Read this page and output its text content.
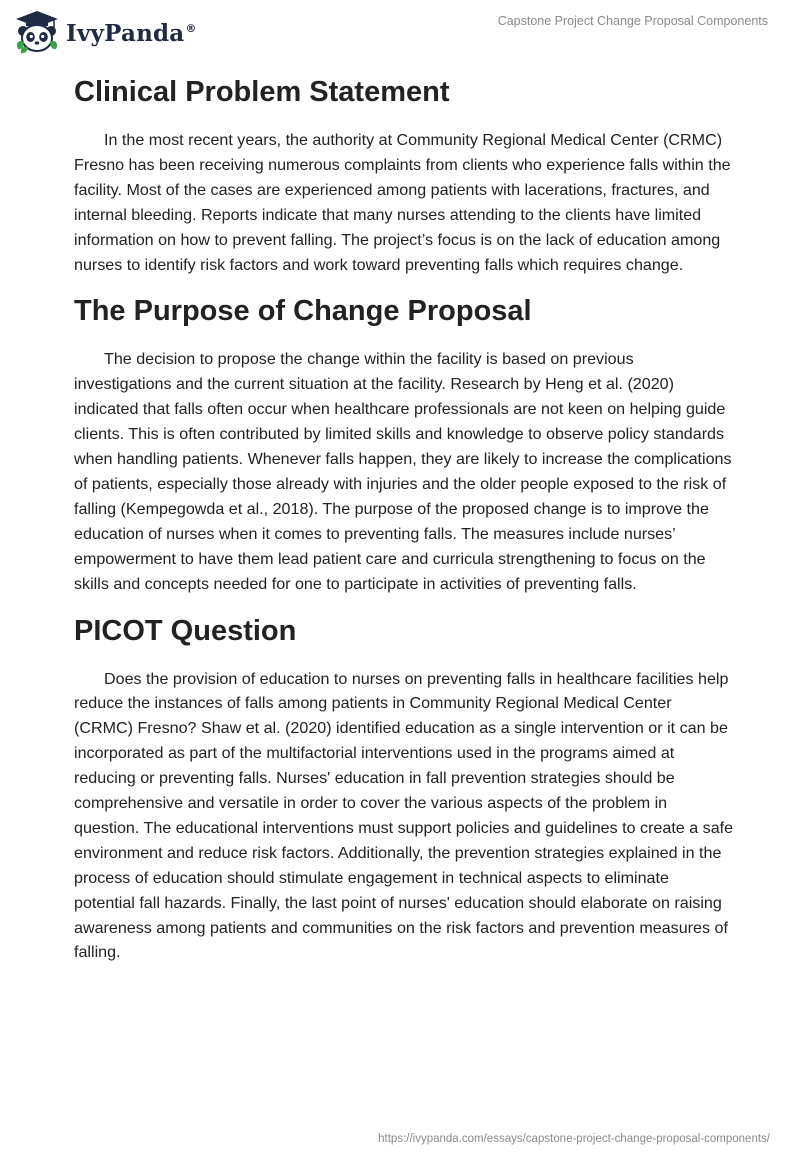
IvyPanda®
Capstone Project Change Proposal Components
Clinical Problem Statement

In the most recent years, the authority at Community Regional Medical Center (CRMC) Fresno has been receiving numerous complaints from clients who experience falls within the facility. Most of the cases are experienced among patients with lacerations, fractures, and internal bleeding. Reports indicate that many nurses attending to the clients have limited information on how to prevent falling. The project’s focus is on the lack of education among nurses to identify risk factors and work toward preventing falls which requires change.

The Purpose of Change Proposal

The decision to propose the change within the facility is based on previous investigations and the current situation at the facility. Research by Heng et al. (2020) indicated that falls often occur when healthcare professionals are not keen on helping guide clients. This is often contributed by limited skills and knowledge to observe policy standards when handling patients. Whenever falls happen, they are likely to increase the complications of patients, especially those already with injuries and the older people exposed to the risk of falling (Kempegowda et al., 2018). The purpose of the proposed change is to improve the education of nurses when it comes to preventing falls. The measures include nurses’ empowerment to have them lead patient care and curricula strengthening to focus on the skills and concepts needed for one to participate in activities of preventing falls.

PICOT Question

Does the provision of education to nurses on preventing falls in healthcare facilities help reduce the instances of falls among patients in Community Regional Medical Center (CRMC) Fresno? Shaw et al. (2020) identified education as a single intervention or it can be incorporated as part of the multifactorial interventions used in the programs aimed at reducing or preventing falls. Nurses' education in fall prevention strategies should be comprehensive and versatile in order to cover the various aspects of the problem in question. The educational interventions must support policies and guidelines to create a safe environment and reduce risk factors. Additionally, the prevention strategies explained in the process of education should stimulate engagement in technical aspects to eliminate potential fall hazards. Finally, the last point of nurses' education should elaborate on raising awareness among patients and communities on the risk factors and prevention measures of falling.

https://ivypanda.com/essays/capstone-project-change-proposal-components/
